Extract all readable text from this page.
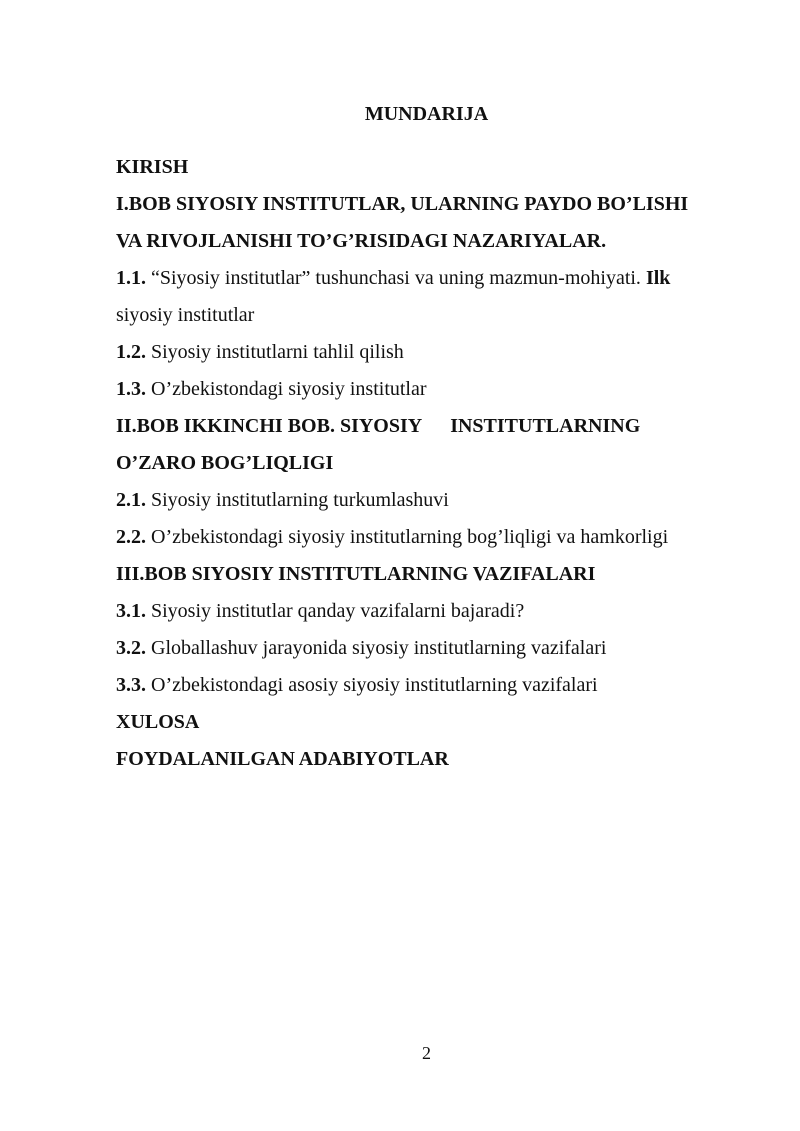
MUNDARIJA
KIRISH
I.BOB SIYOSIY INSTITUTLAR, ULARNING PAYDO BO’LISHI
VA RIVOJLANISHI TO’G’RISIDAGI NAZARIYALAR.
1.1. “Siyosiy institutlar” tushunchasi va uning mazmun-mohiyati. Ilk
siyosiy institutlar
1.2. Siyosiy institutlarni tahlil qilish
1.3. O’zbekistondagi siyosiy institutlar
II.BOB IKKINCHI BOB. SIYOSIY INSTITUTLARNING
O’ZARO BOG’LIQLIGI
2.1. Siyosiy institutlarning turkumlashuvi
2.2. O’zbekistondagi siyosiy institutlarning bog’liqligi va hamkorligi
III.BOB SIYOSIY INSTITUTLARNING VAZIFALARI
3.1. Siyosiy institutlar qanday vazifalarni bajaradi?
3.2. Globallashuv jarayonida siyosiy institutlarning vazifalari
3.3. O’zbekistondagi asosiy siyosiy institutlarning vazifalari
XULOSA
FOYDALANILGAN ADABIYOTLAR
2
